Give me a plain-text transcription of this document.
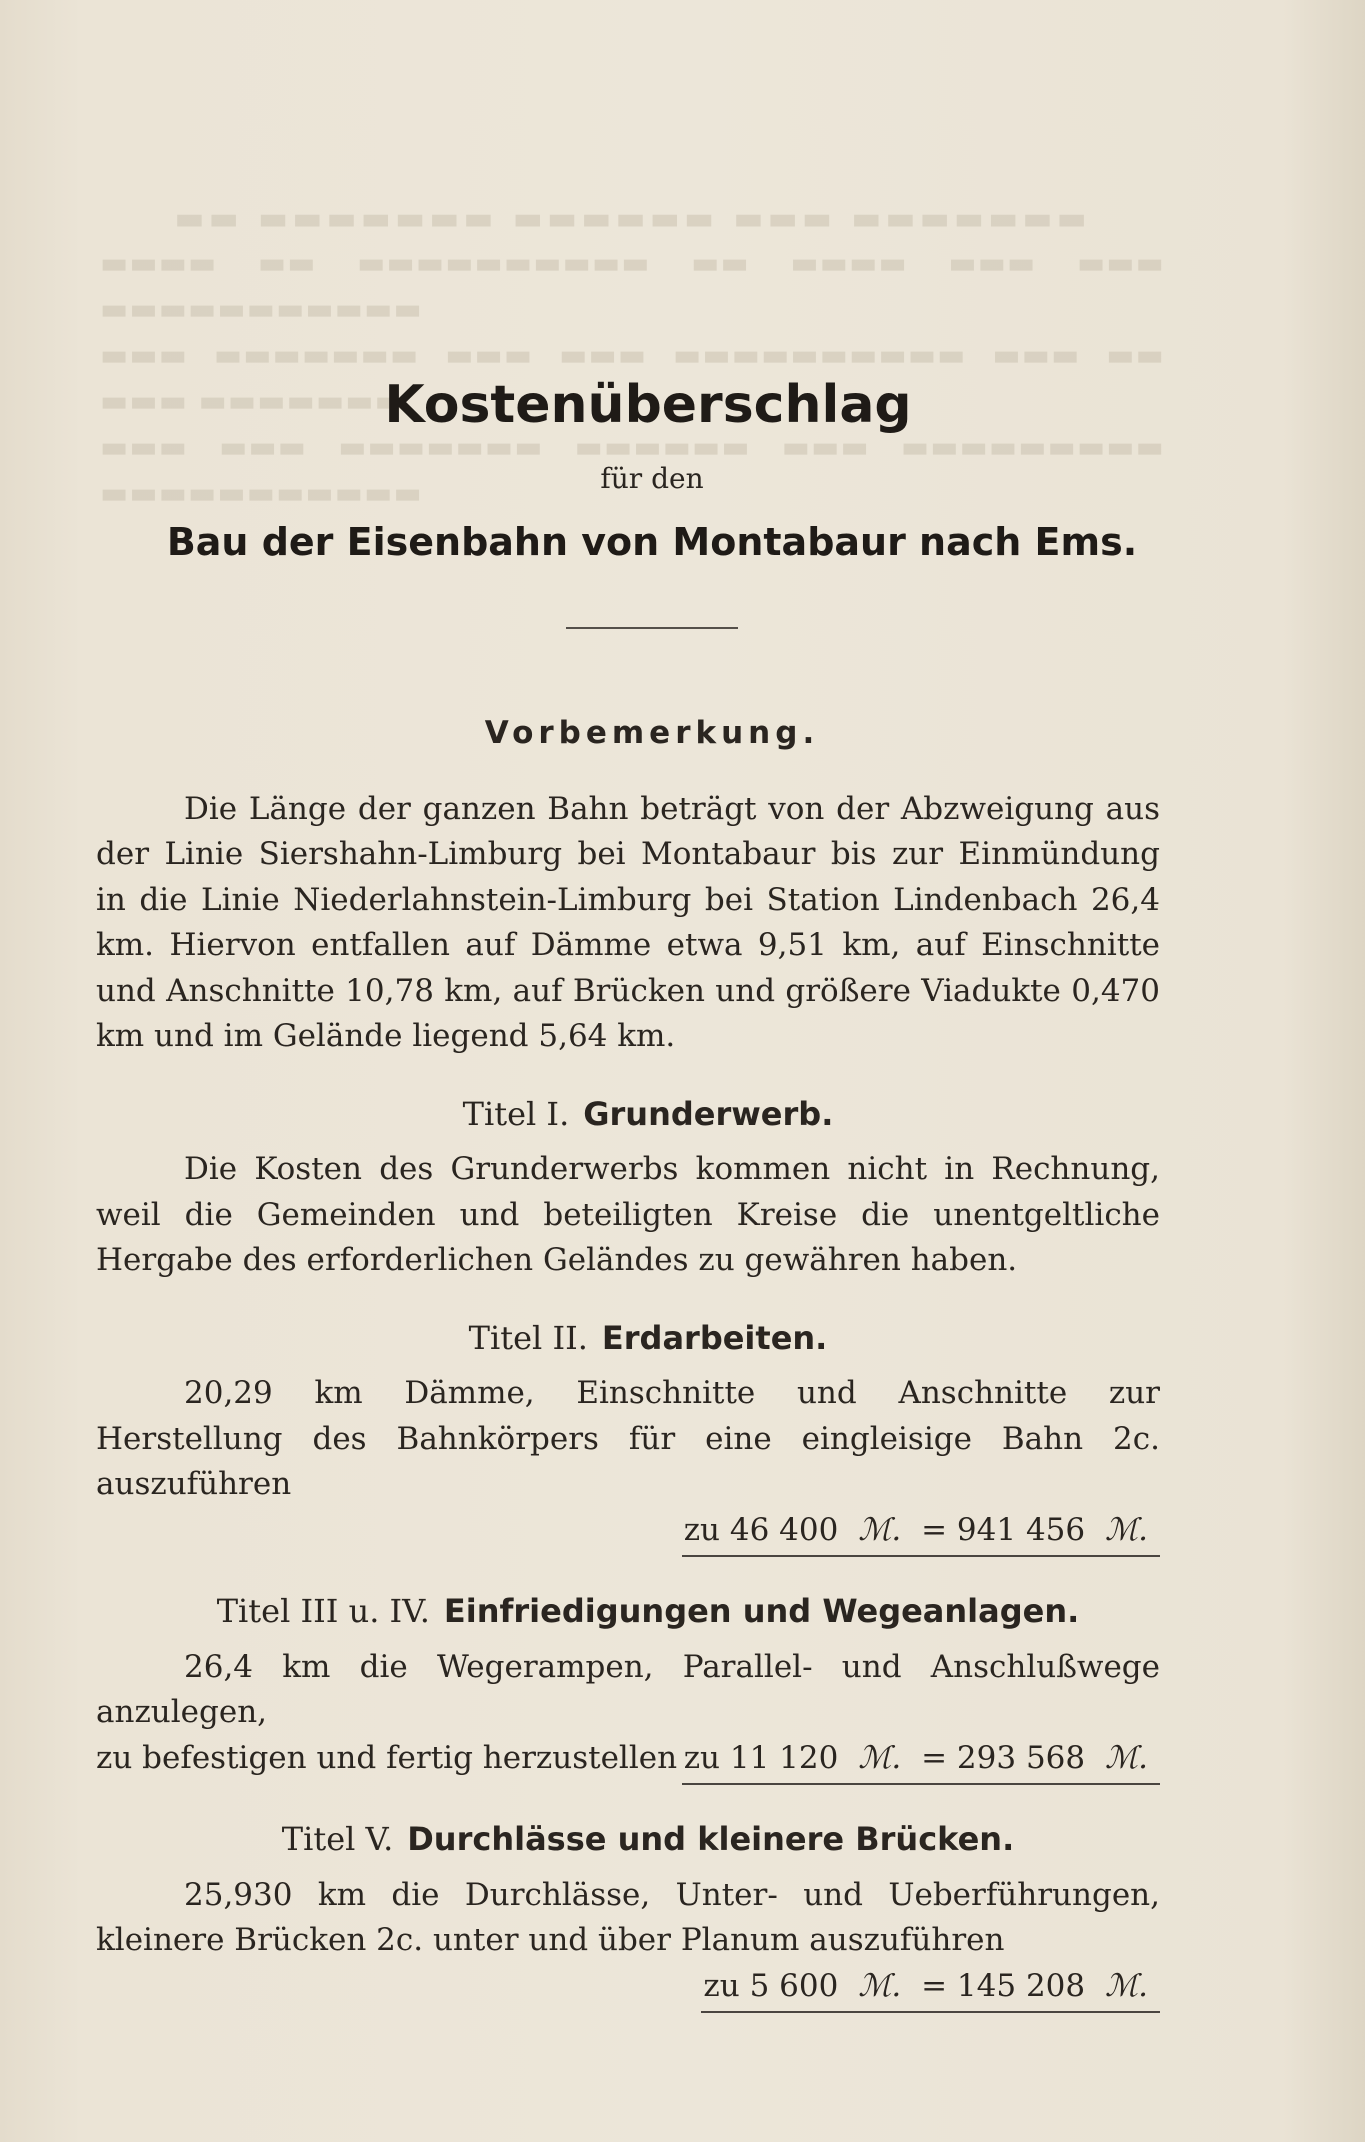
▬▬ ▬▬▬▬▬▬▬ ▬▬▬▬▬▬ ▬▬▬ ▬▬▬▬▬▬▬
▬▬▬▬ ▬▬ ▬▬▬▬▬▬▬▬▬▬ ▬▬ ▬▬▬▬ ▬▬▬ ▬▬▬ ▬▬▬▬▬▬▬▬▬▬▬
▬▬▬ ▬▬▬▬▬▬▬ ▬▬▬ ▬▬▬ ▬▬▬▬▬▬▬▬▬▬ ▬▬▬ ▬▬ ▬▬▬ ▬▬▬▬▬▬▬
▬▬▬ ▬▬▬ ▬▬▬▬▬▬▬ ▬▬▬▬▬▬ ▬▬▬ ▬▬▬▬▬▬▬▬▬ ▬▬▬▬▬▬▬▬▬▬▬
Kostenüberschlag
für den
Bau der Eisenbahn von Montabaur nach Ems.
Vorbemerkung.

Die Länge der ganzen Bahn beträgt von der Abzweigung aus der Linie Siershahn-Limburg bei Montabaur bis zur Einmündung in die Linie Niederlahnstein-Limburg bei Station Lindenbach 26,4 km. Hiervon entfallen auf Dämme etwa 9,51 km, auf Einschnitte und Anschnitte 10,78 km, auf Brücken und größere Viadukte 0,470 km und im Gelände liegend 5,64 km.

Titel I. Grunderwerb.

Die Kosten des Grunderwerbs kommen nicht in Rechnung, weil die Gemeinden und beteiligten Kreise die unentgeltliche Hergabe des erforderlichen Geländes zu gewähren haben.

Titel II. Erdarbeiten.

20,29 km Dämme, Einschnitte und Anschnitte zur Herstellung des Bahnkörpers für eine eingleisige Bahn 2c. auszuführen

zu 46 400 ℳ. = 941 456 ℳ.
Titel III u. IV. Einfriedigungen und Wegeanlagen.

26,4 km die Wegerampen, Parallel- und Anschlußwege anzulegen,

zu befestigen und fertig herzustellen zu 11 120 ℳ. = 293 568 ℳ.
Titel V. Durchlässe und kleinere Brücken.

25,930 km die Durchlässe, Unter- und Ueberführungen, kleinere Brücken 2c. unter und über Planum auszuführen

zu 5 600 ℳ. = 145 208 ℳ.
